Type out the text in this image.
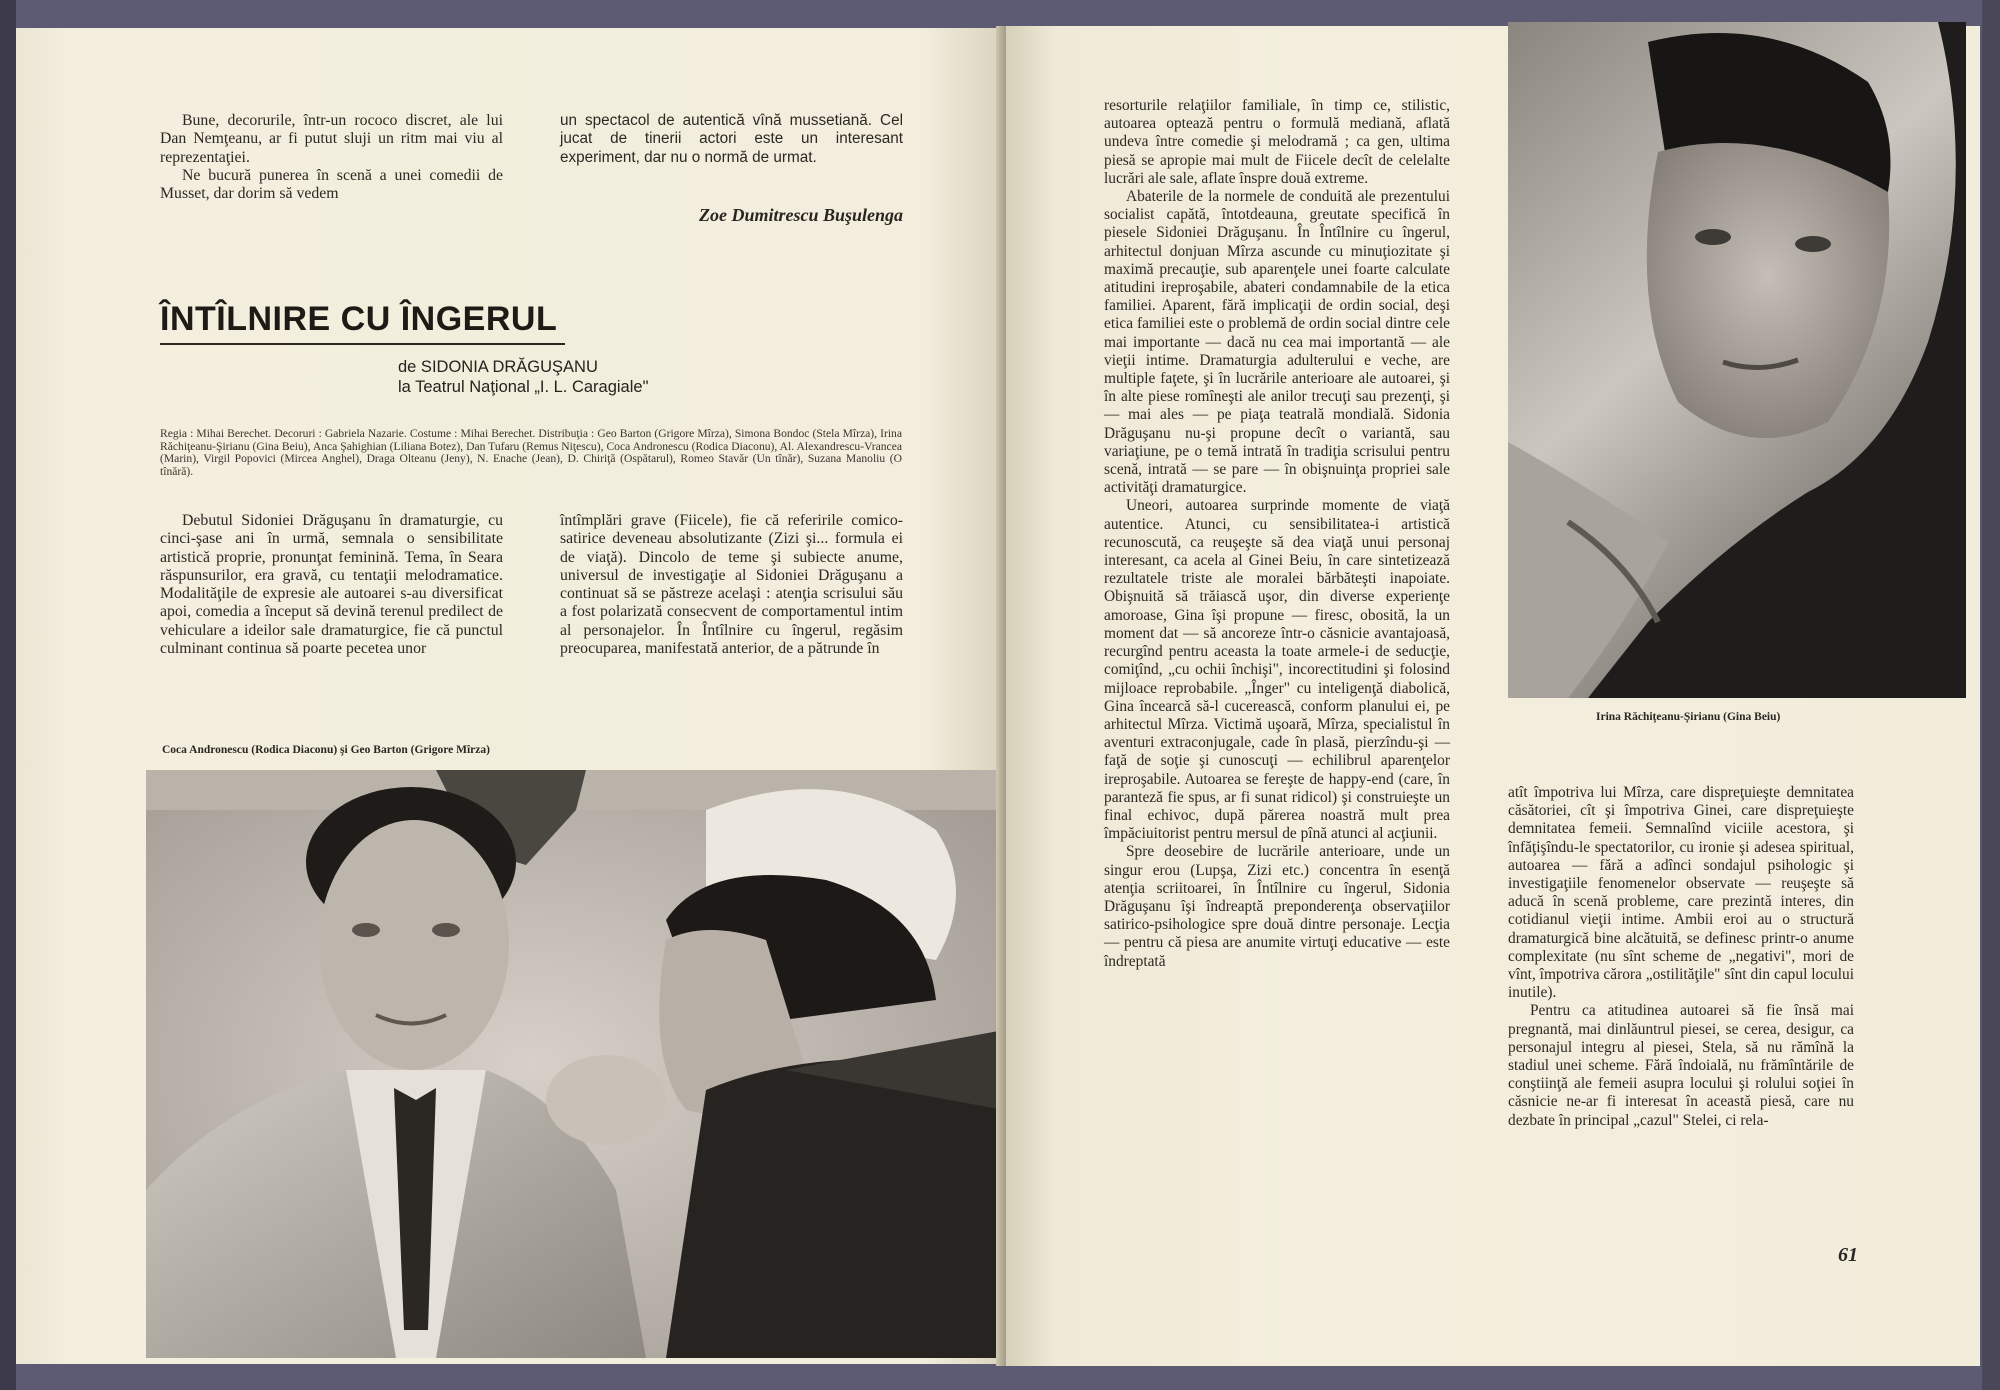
Bune, decorurile, într-un rococo discret, ale lui Dan Nemţeanu, ar fi putut sluji un ritm mai viu al reprezentaţiei.

Ne bucură punerea în scenă a unei comedii de Musset, dar dorim să vedem

un spectacol de autentică vînă mussetiană. Cel jucat de tinerii actori este un interesant experiment, dar nu o normă de urmat.

Zoe Dumitrescu Buşulenga
ÎNTÎLNIRE CU ÎNGERUL
de SIDONIA DRĂGUŞANU
la Teatrul Naţional „I. L. Caragiale"
Regia : Mihai Berechet. Decoruri : Gabriela Nazarie. Costume : Mihai Berechet. Distribuţia : Geo Barton (Grigore Mîrza), Simona Bondoc (Stela Mîrza), Irina Răchiţeanu-Şirianu (Gina Beiu), Anca Şahighian (Liliana Botez), Dan Tufaru (Remus Niţescu), Coca Andronescu (Rodica Diaconu), Al. Alexandrescu-Vrancea (Marin), Virgil Popovici (Mircea Anghel), Draga Olteanu (Jeny), N. Enache (Jean), D. Chiriţă (Ospătarul), Romeo Stavăr (Un tînăr), Suzana Manoliu (O tînără).

Debutul Sidoniei Drăguşanu în dramaturgie, cu cinci-şase ani în urmă, semnala o sensibilitate artistică proprie, pronunţat feminină. Tema, în Seara răspunsurilor, era gravă, cu tentaţii melodramatice. Modalităţile de expresie ale autoarei s-au diversificat apoi, comedia a început să devină terenul predilect de vehiculare a ideilor sale dramaturgice, fie că punctul culminant continua să poarte pecetea unor

întîmplări grave (Fiicele), fie că referirile comico-satirice deveneau absolutizante (Zizi şi... formula ei de viaţă). Dincolo de teme şi subiecte anume, universul de investigaţie al Sidoniei Drăguşanu a continuat să se păstreze acelaşi : atenţia scrisului său a fost polarizată consecvent de comportamentul intim al personajelor. În Întîlnire cu îngerul, regăsim preocuparea, manifestată anterior, de a pătrunde în

Coca Andronescu (Rodica Diaconu) şi Geo Barton (Grigore Mîrza)

resorturile relaţiilor familiale, în timp ce, stilistic, autoarea optează pentru o formulă mediană, aflată undeva între comedie şi melodramă ; ca gen, ultima piesă se apropie mai mult de Fiicele decît de celelalte lucrări ale sale, aflate înspre două extreme.

Abaterile de la normele de conduită ale prezentului socialist capătă, întotdeauna, greutate specifică în piesele Sidoniei Drăguşanu. În Întîlnire cu îngerul, arhitectul donjuan Mîrza ascunde cu minuţiozitate şi maximă precauţie, sub aparenţele unei foarte calculate atitudini ireproşabile, abateri condamnabile de la etica familiei. Aparent, fără implicaţii de ordin social, deşi etica familiei este o problemă de ordin social dintre cele mai importante — dacă nu cea mai importantă — ale vieţii intime. Dramaturgia adulterului e veche, are multiple faţete, şi în lucrările anterioare ale autoarei, şi în alte piese romîneşti ale anilor trecuţi sau prezenţi, şi — mai ales — pe piaţa teatrală mondială. Sidonia Drăguşanu nu-şi propune decît o variantă, sau variaţiune, pe o temă intrată în tradiţia scrisului pentru scenă, intrată — se pare — în obişnuinţa propriei sale activităţi dramaturgice.

Uneori, autoarea surprinde momente de viaţă autentice. Atunci, cu sensibilitatea-i artistică recunoscută, ca reuşeşte să dea viaţă unui personaj interesant, ca acela al Ginei Beiu, în care sintetizează rezultatele triste ale moralei bărbăteşti inapoiate. Obişnuită să trăiască uşor, din diverse experienţe amoroase, Gina îşi propune — firesc, obosită, la un moment dat — să ancoreze într-o căsnicie avantajoasă, recurgînd pentru aceasta la toate armele-i de seducţie, comiţînd, „cu ochii închişi", incorectitudini şi folosind mijloace reprobabile. „Înger" cu inteligenţă diabolică, Gina încearcă să-l cucerească, conform planului ei, pe arhitectul Mîrza. Victimă uşoară, Mîrza, specialistul în aventuri extraconjugale, cade în plasă, pierzîndu-şi — faţă de soţie şi cunoscuţi — echilibrul aparenţelor ireproşabile. Autoarea se fereşte de happy-end (care, în paranteză fie spus, ar fi sunat ridicol) şi construieşte un final echivoc, după părerea noastră mult prea împăciuitorist pentru mersul de pînă atunci al acţiunii.

Spre deosebire de lucrările anterioare, unde un singur erou (Lupşa, Zizi etc.) concentra în esenţă atenţia scriitoarei, în Întîlnire cu îngerul, Sidonia Drăguşanu îşi îndreaptă preponderenţa observaţiilor satirico-psihologice spre două dintre personaje. Lecţia — pentru că piesa are anumite virtuţi educative — este îndreptată

Irina Răchiţeanu-Şirianu (Gina Beiu)

atît împotriva lui Mîrza, care dispreţuieşte demnitatea căsătoriei, cît şi împotriva Ginei, care dispreţuieşte demnitatea femeii. Semnalînd viciile acestora, şi înfăţişîndu-le spectatorilor, cu ironie şi adesea spiritual, autoarea — fără a adînci sondajul psihologic şi investigaţiile fenomenelor observate — reuşeşte să aducă în scenă probleme, care prezintă interes, din cotidianul vieţii intime. Ambii eroi au o structură dramaturgică bine alcătuită, se definesc printr-o anume complexitate (nu sînt scheme de „negativi", mori de vînt, împotriva cărora „ostilităţile" sînt din capul locului inutile).

Pentru ca atitudinea autoarei să fie însă mai pregnantă, mai dinlăuntrul piesei, se cerea, desigur, ca personajul integru al piesei, Stela, să nu rămînă la stadiul unei scheme. Fără îndoială, nu frămîntările de conştiinţă ale femeii asupra locului şi rolului soţiei în căsnicie ne-ar fi interesat în această piesă, care nu dezbate în principal „cazul" Stelei, ci rela-

61
